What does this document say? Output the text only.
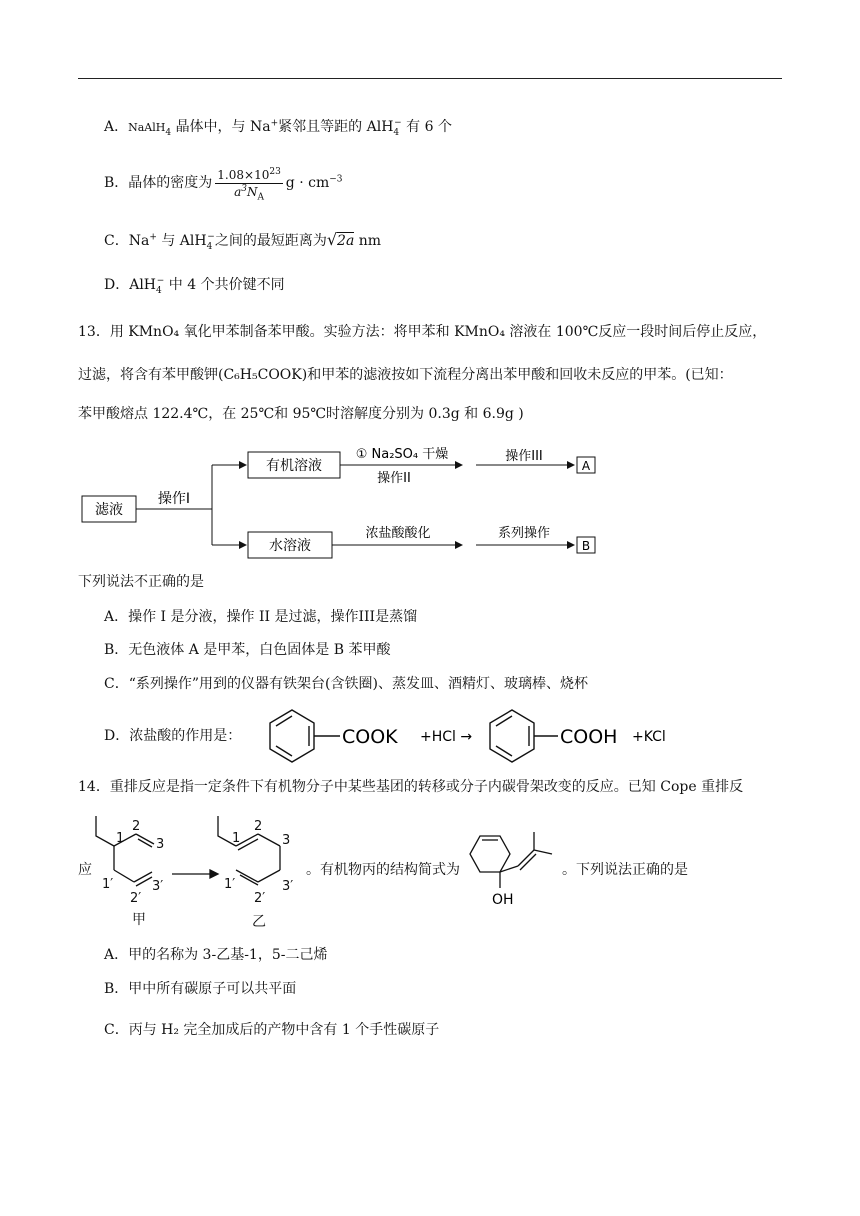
A．NaAlH$_4$ 晶体中，与 Na+紧邻且等距的 AlH$_4$− 有 6 个
B．晶体的密度为 $\frac{1.08\times 10^{23}}{a^3N_A}$ $g \cdot cm^{-3}$
C．Na+ 与 AlH$_4$−之间的最短距离为√2a nm
D．AlH$_4$− 中 4 个共价键不同
13．用 KMnO₄ 氧化甲苯制备苯甲酸。实验方法：将甲苯和 KMnO₄ 溶液在 100℃反应一段时间后停止反应，
过滤，将含有苯甲酸钾(C₆H₅COOK)和甲苯的滤液按如下流程分离出苯甲酸和回收未反应的甲苯。(已知：
苯甲酸熔点 122.4℃，在 25℃和 95℃时溶解度分别为 0.3g 和 6.9g )
滤液
操作I
有机溶液
① Na₂SO₄ 干燥
操作II
操作III
A
水溶液
浓盐酸酸化	系列操作
B
下列说法不正确的是
A．操作 I 是分液，操作 II 是过滤，操作III是蒸馏
B．无色液体 A 是甲苯，白色固体是 B 苯甲酸
C．“系列操作”用到的仪器有铁架台(含铁圈)、蒸发皿、酒精灯、玻璃棒、烧杯
D．浓盐酸的作用是：	COOK +HCl →	COOH +KCl
14．重排反应是指一定条件下有机物分子中某些基团的转移或分子内碳骨架改变的反应。已知 Cope 重排反
应
1
2
3
1′
2′
3′
1
2
3
1′
2′
3′
甲	乙
。有机物丙的结构简式为
OH
。下列说法正确的是
A．甲的名称为 3-乙基-1，5-二己烯
B．甲中所有碳原子可以共平面
C．丙与 H₂ 完全加成后的产物中含有 1 个手性碳原子
